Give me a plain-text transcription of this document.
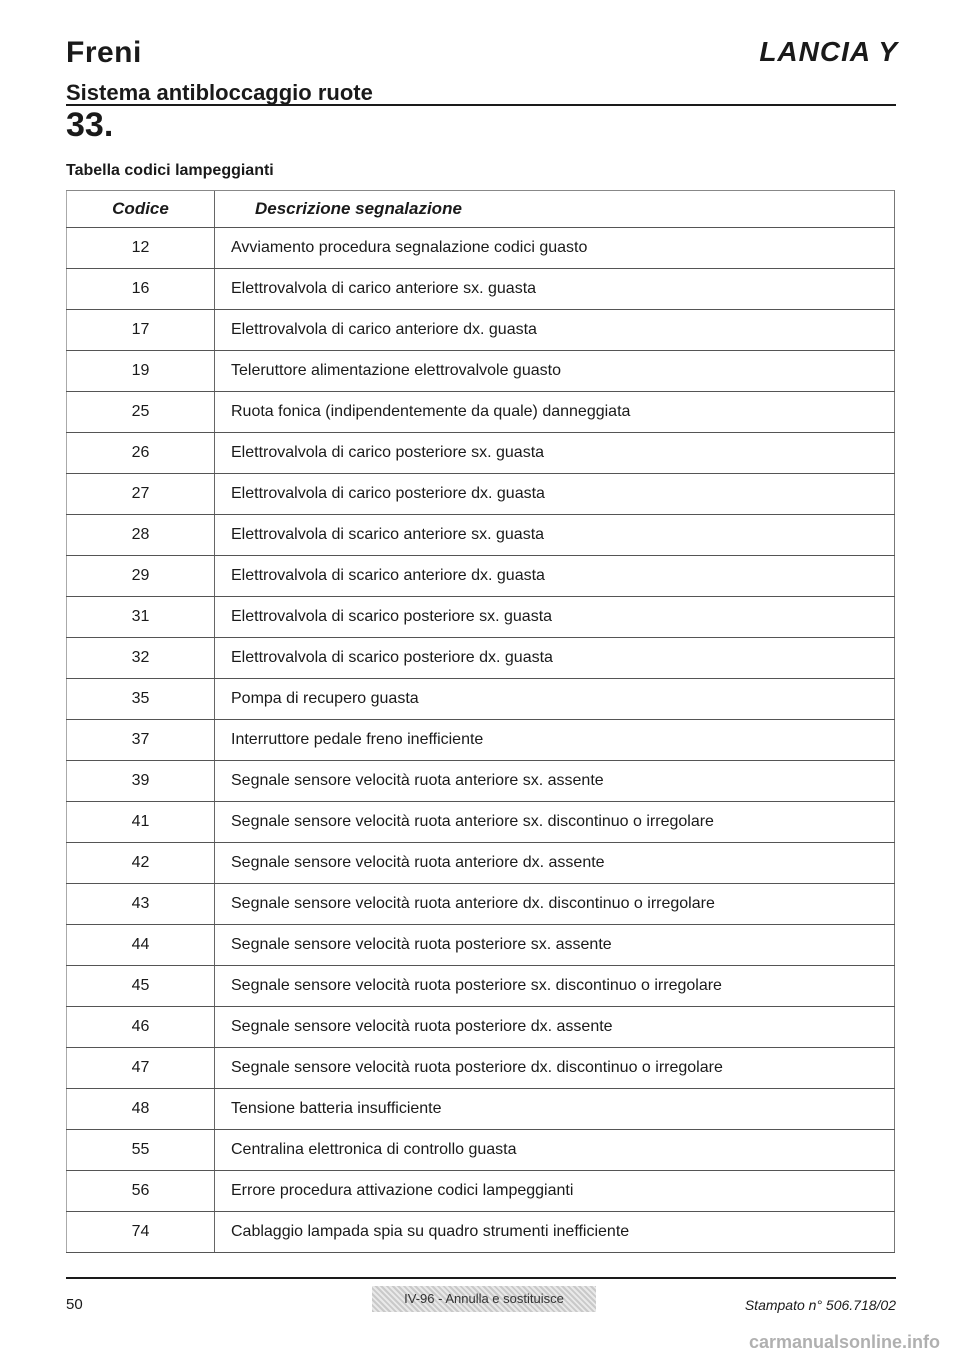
Freni	LANCIA Y
Sistema antibloccaggio ruote
33.
Tabella codici lampeggianti
Codice	Descrizione segnalazione
12	Avviamento procedura segnalazione codici guasto
16	Elettrovalvola di carico anteriore sx. guasta
17	Elettrovalvola di carico anteriore dx. guasta
19	Teleruttore alimentazione elettrovalvole guasto
25	Ruota fonica (indipendentemente da quale) danneggiata
26	Elettrovalvola di carico posteriore sx. guasta
27	Elettrovalvola di carico posteriore dx. guasta
28	Elettrovalvola di scarico anteriore sx. guasta
29	Elettrovalvola di scarico anteriore dx. guasta
31	Elettrovalvola di scarico posteriore sx. guasta
32	Elettrovalvola di scarico posteriore dx. guasta
35	Pompa di recupero guasta
37	Interruttore pedale freno inefficiente
39	Segnale sensore velocità ruota anteriore sx. assente
41	Segnale sensore velocità ruota anteriore sx. discontinuo o irregolare
42	Segnale sensore velocità ruota anteriore dx. assente
43	Segnale sensore velocità ruota anteriore dx. discontinuo o irregolare
44	Segnale sensore velocità ruota posteriore sx. assente
45	Segnale sensore velocità ruota posteriore sx. discontinuo o irregolare
46	Segnale sensore velocità ruota posteriore dx. assente
47	Segnale sensore velocità ruota posteriore dx. discontinuo o irregolare
48	Tensione batteria insufficiente
55	Centralina elettronica di controllo guasta
56	Errore procedura attivazione codici lampeggianti
74	Cablaggio lampada spia su quadro strumenti inefficiente
50	IV-96 - Annulla e sostituisce	Stampato n° 506.718/02
carmanualsonline.info
